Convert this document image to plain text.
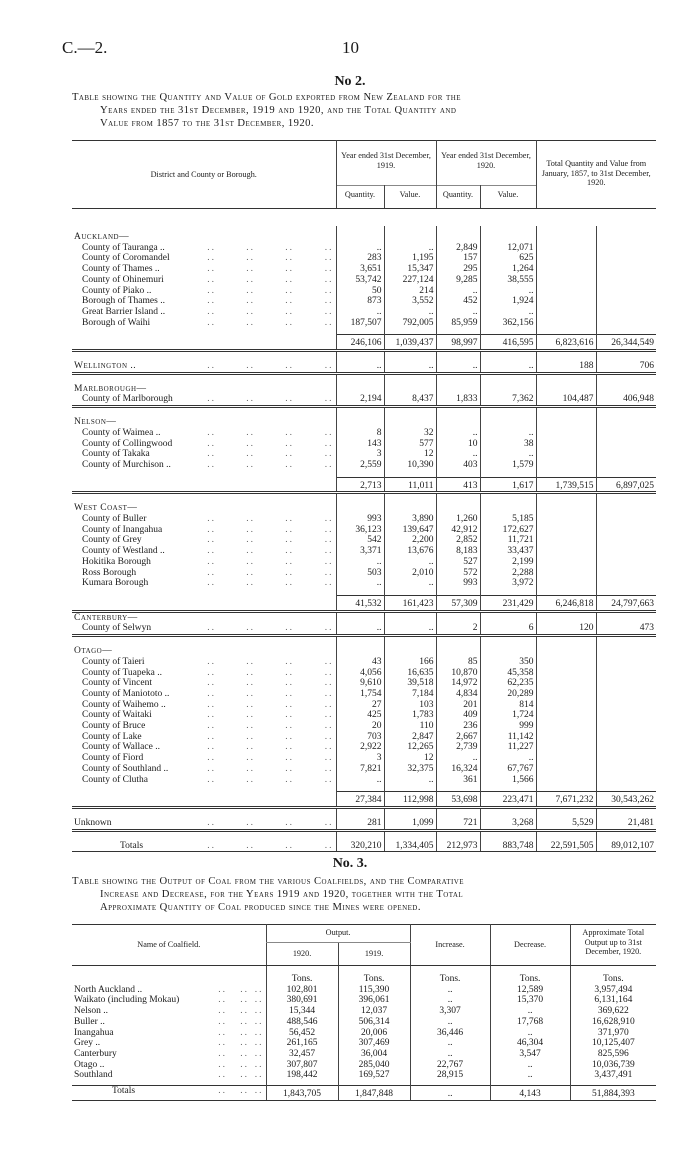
C.—2.	10
No 2.
Table showing the Quantity and Value of Gold exported from New Zealand for the
Years ended the 31st December, 1919 and 1920, and the Total Quantity and
Value from 1857 to the 31st December, 1920.
District and County or Borough.	Year ended 31st December, 1919.		Year ended 31st December, 1920.		Total Quantity and Value from January, 1857, to 31st December, 1920.
	Quantity.	Value.	Quantity.	Value.	

Auckland—										
County of Tauranga ..	..	..	..	..	..	..	2,849	12,071		
County of Coromandel	..	..	..	..	283	1,195	157	625		
County of Thames ..	..	..	..	..	3,651	15,347	295	1,264		
County of Ohinemuri	..	..	..	..	53,742	227,124	9,285	38,555		
County of Piako ..	..	..	..	..	50	214	..	..		
Borough of Thames ..	..	..	..	..	873	3,552	452	1,924		
Great Barrier Island ..	..	..	..	..	..	..	..	..		
Borough of Waihi	..	..	..	..	187,507	792,005	85,959	362,156		

					246,106	1,039,437	98,997	416,595	6,823,616	26,344,549

Wellington ..	..	..	..	..	..	..	..	..	188	706

Marlborough—										
County of Marlborough	..	..	..	..	2,194	8,437	1,833	7,362	104,487	406,948

Nelson—										
County of Waimea ..	..	..	..	..	8	32	..	..		
County of Collingwood	..	..	..	..	143	577	10	38		
County of Takaka	..	..	..	..	3	12	..	..		
County of Murchison ..	..	..	..	..	2,559	10,390	403	1,579		

					2,713	11,011	413	1,617	1,739,515	6,897,025

West Coast—										
County of Buller	..	..	..	..	993	3,890	1,260	5,185		
County of Inangahua	..	..	..	..	36,123	139,647	42,912	172,627		
County of Grey	..	..	..	..	542	2,200	2,852	11,721		
County of Westland ..	..	..	..	..	3,371	13,676	8,183	33,437		
Hokitika Borough	..	..	..	..	..	..	527	2,199		
Ross Borough	..	..	..	..	503	2,010	572	2,288		
Kumara Borough	..	..	..	..	..	..	993	3,972		

					41,532	161,423	57,309	231,429	6,246,818	24,797,663
Canterbury—										
County of Selwyn	..	..	..	..	..	..	2	6	120	473

Otago—										
County of Taieri	..	..	..	..	43	166	85	350		
County of Tuapeka ..	..	..	..	..	4,056	16,635	10,870	45,358		
County of Vincent	..	..	..	..	9,610	39,518	14,972	62,235		
County of Maniototo ..	..	..	..	..	1,754	7,184	4,834	20,289		
County of Waihemo ..	..	..	..	..	27	103	201	814		
County of Waitaki	..	..	..	..	425	1,783	409	1,724		
County of Bruce	..	..	..	..	20	110	236	999		
County of Lake	..	..	..	..	703	2,847	2,667	11,142		
County of Wallace ..	..	..	..	..	2,922	12,265	2,739	11,227		
County of Fiord	..	..	..	..	3	12	..	..		
County of Southland ..	..	..	..	..	7,821	32,375	16,324	67,767		
County of Clutha	..	..	..	..	..	..	361	1,566		

					27,384	112,998	53,698	223,471	7,671,232	30,543,262

Unknown	..	..	..	..	281	1,099	721	3,268	5,529	21,481

Totals	..	..	..	..	320,210	1,334,405	212,973	883,748	22,591,505	89,012,107
No. 3.
Table showing the Output of Coal from the various Coalfields, and the Comparative
Increase and Decrease, for the Years 1919 and 1920, together with the Total
Approximate Quantity of Coal produced since the Mines were opened.
Name of Coalfield.				Output.		Increase.	Decrease.	Approximate Total Output up to 31st December, 1920.
				1920.	1919.			

				Tons.	Tons.	Tons.	Tons.	Tons.
North Auckland ..	..	..	..	102,801	115,390	..	12,589	3,957,494
Waikato (including Mokau)	..	..	..	380,691	396,061	..	15,370	6,131,164
Nelson ..	..	..	..	15,344	12,037	3,307	..	369,622
Buller ..	..	..	..	488,546	506,314	..	17,768	16,628,910
Inangahua	..	..	..	56,452	20,006	36,446	..	371,970
Grey ..	..	..	..	261,165	307,469	..	46,304	10,125,407
Canterbury	..	..	..	32,457	36,004	..	3,547	825,596
Otago ..	..	..	..	307,807	285,040	22,767	..	10,036,739
Southland	..	..	..	198,442	169,527	28,915	..	3,437,491

Totals	..	..	..	1,843,705	1,847,848	..	4,143	51,884,393
